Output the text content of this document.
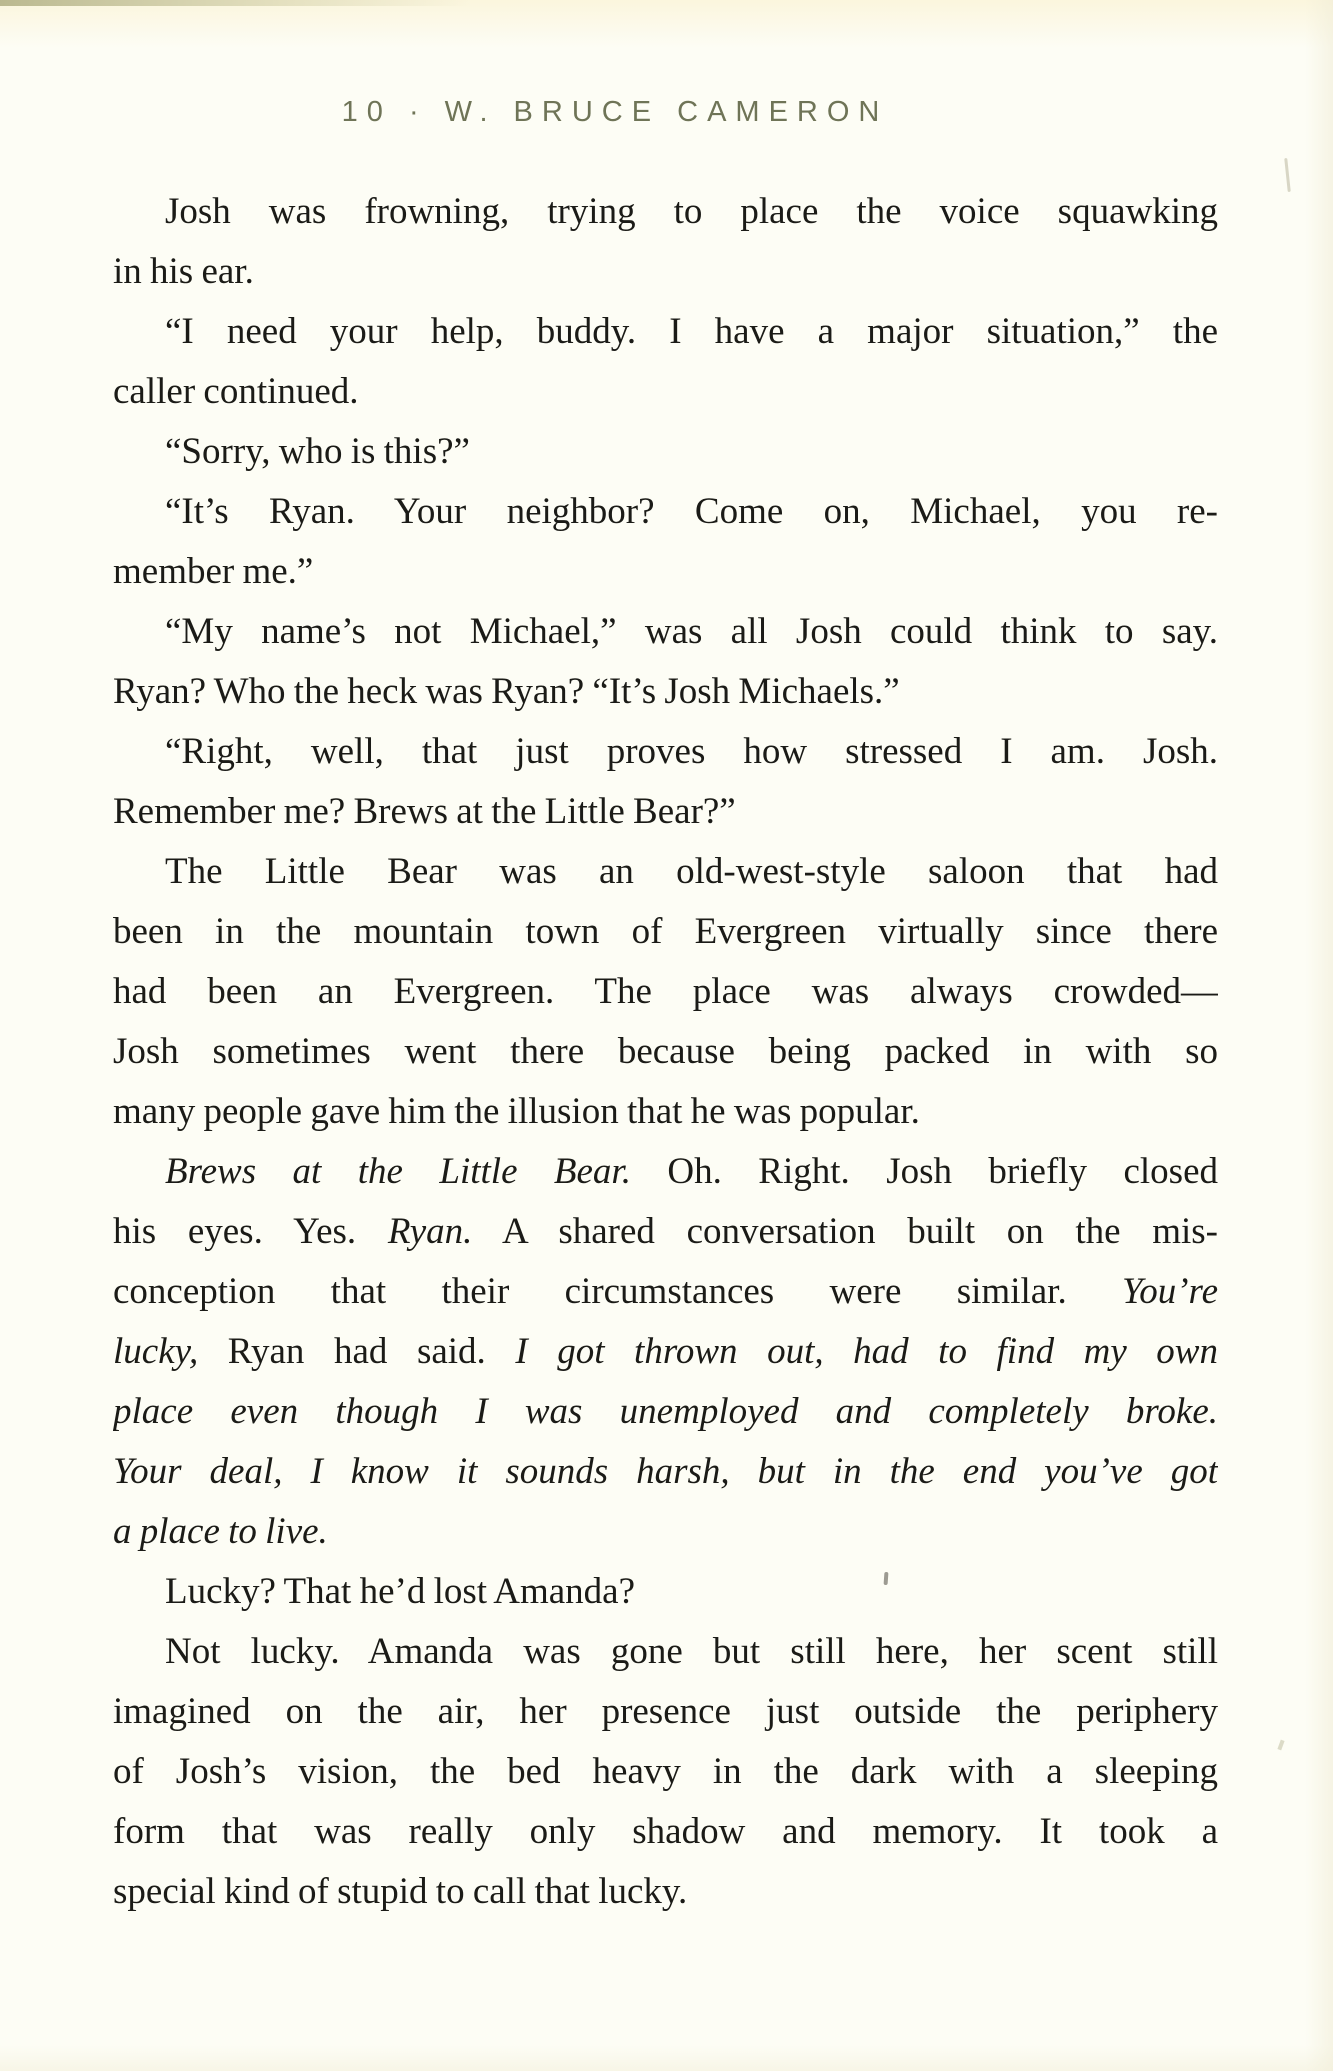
10 · W. BRUCE CAMERON
Josh was frowning, trying to place the voice squawking
in his ear.
“I need your help, buddy. I have a major situation,” the
caller continued.
“Sorry, who is this?”
“It’s Ryan. Your neighbor? Come on, Michael, you re-
member me.”
“My name’s not Michael,” was all Josh could think to say.
Ryan? Who the heck was Ryan? “It’s Josh Michaels.”
“Right, well, that just proves how stressed I am. Josh.
Remember me? Brews at the Little Bear?”
The Little Bear was an old-west-style saloon that had
been in the mountain town of Evergreen virtually since there
had been an Evergreen. The place was always crowded—
Josh sometimes went there because being packed in with so
many people gave him the illusion that he was popular.
Brews at the Little Bear. Oh. Right. Josh briefly closed
his eyes. Yes. Ryan. A shared conversation built on the mis-
conception that their circumstances were similar. You’re
lucky, Ryan had said. I got thrown out, had to find my own
place even though I was unemployed and completely broke.
Your deal, I know it sounds harsh, but in the end you’ve got
a place to live.
Lucky? That he’d lost Amanda?
Not lucky. Amanda was gone but still here, her scent still
imagined on the air, her presence just outside the periphery
of Josh’s vision, the bed heavy in the dark with a sleeping
form that was really only shadow and memory. It took a
special kind of stupid to call that lucky.
